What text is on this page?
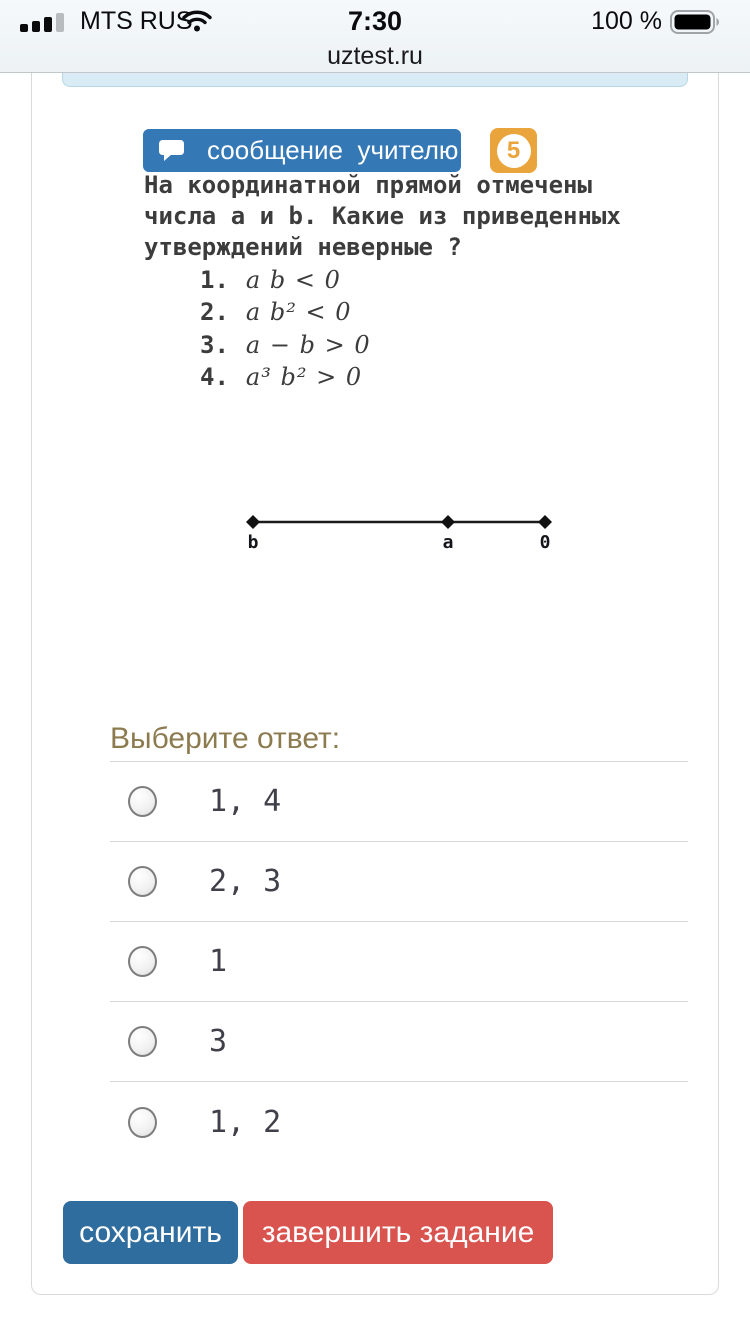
MTS RUS	7:30	100 %
uztest.ru
сообщение  учителю 5
На координатной прямой отмечены
числа a и b. Какие из приведенных
утверждений неверные ?
1. a b < 0
2. a b² < 0
3. a − b > 0
4. a³ b² > 0
b	a	0
Выберите ответ:
1, 4
2, 3
1
3
1, 2
сохранить	завершить задание
